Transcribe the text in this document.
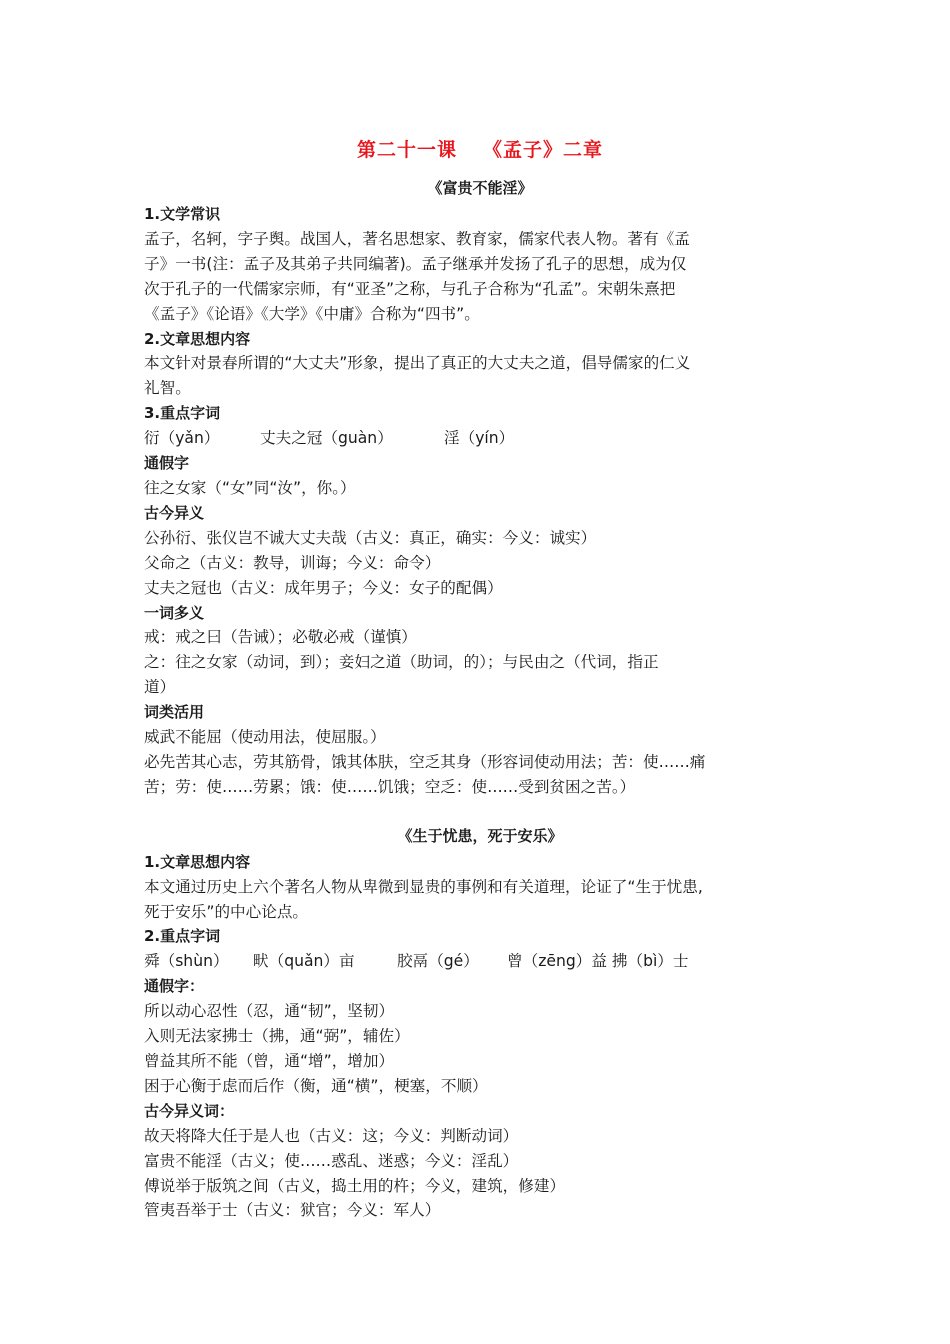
第二十一课 《孟子》二章
《富贵不能淫》

1.文学常识

孟子，名轲，字子舆。战国人，著名思想家、教育家，儒家代表人物。著有《孟

子》一书(注：孟子及其弟子共同编著)。孟子继承并发扬了孔子的思想，成为仅

次于孔子的一代儒家宗师，有“亚圣”之称，与孔子合称为“孔孟”。宋朝朱熹把

《孟子》《论语》《大学》《中庸》合称为“四书”。

2.文章思想内容

本文针对景春所谓的“大丈夫”形象，提出了真正的大丈夫之道，倡导儒家的仁义

礼智。

3.重点字词

衍（yǎn）	丈夫之冠（guàn）	淫（yín）

通假字

往之女家（“女”同“汝”，你。）

古今异义

公孙衍、张仪岂不诚大丈夫哉（古义：真正，确实：今义：诚实）

父命之（古义：教导，训诲；今义：命令）

丈夫之冠也（古义：成年男子；今义：女子的配偶）

一词多义

戒：戒之曰（告诫）；必敬必戒（谨慎）

之：往之女家（动词，到）；妾妇之道（助词，的）；与民由之（代词，指正

道）

词类活用

威武不能屈（使动用法，使屈服。）

必先苦其心志，劳其筋骨，饿其体肤，空乏其身（形容词使动用法；苦：使……痛

苦；劳：使……劳累；饿：使……饥饿；空乏：使……受到贫困之苦。）

《生于忧患，死于安乐》

1.文章思想内容

本文通过历史上六个著名人物从卑微到显贵的事例和有关道理，论证了“生于忧患,

死于安乐”的中心论点。

2.重点字词

舜（shùn） 畎（quǎn）亩	胶鬲（gé） 曾（zēng）益 拂（bì）士

通假字：

所以动心忍性（忍，通“韧”，坚韧）

入则无法家拂士（拂，通“弼”，辅佐）

曾益其所不能（曾，通“增”，增加）

困于心衡于虑而后作（衡，通“横”，梗塞，不顺）

古今异义词：

故天将降大任于是人也（古义：这；今义：判断动词）

富贵不能淫（古义；使……惑乱、迷惑；今义：淫乱）

傅说举于版筑之间（古义，捣土用的杵；今义，建筑，修建）

管夷吾举于士（古义：狱官；今义：军人）
